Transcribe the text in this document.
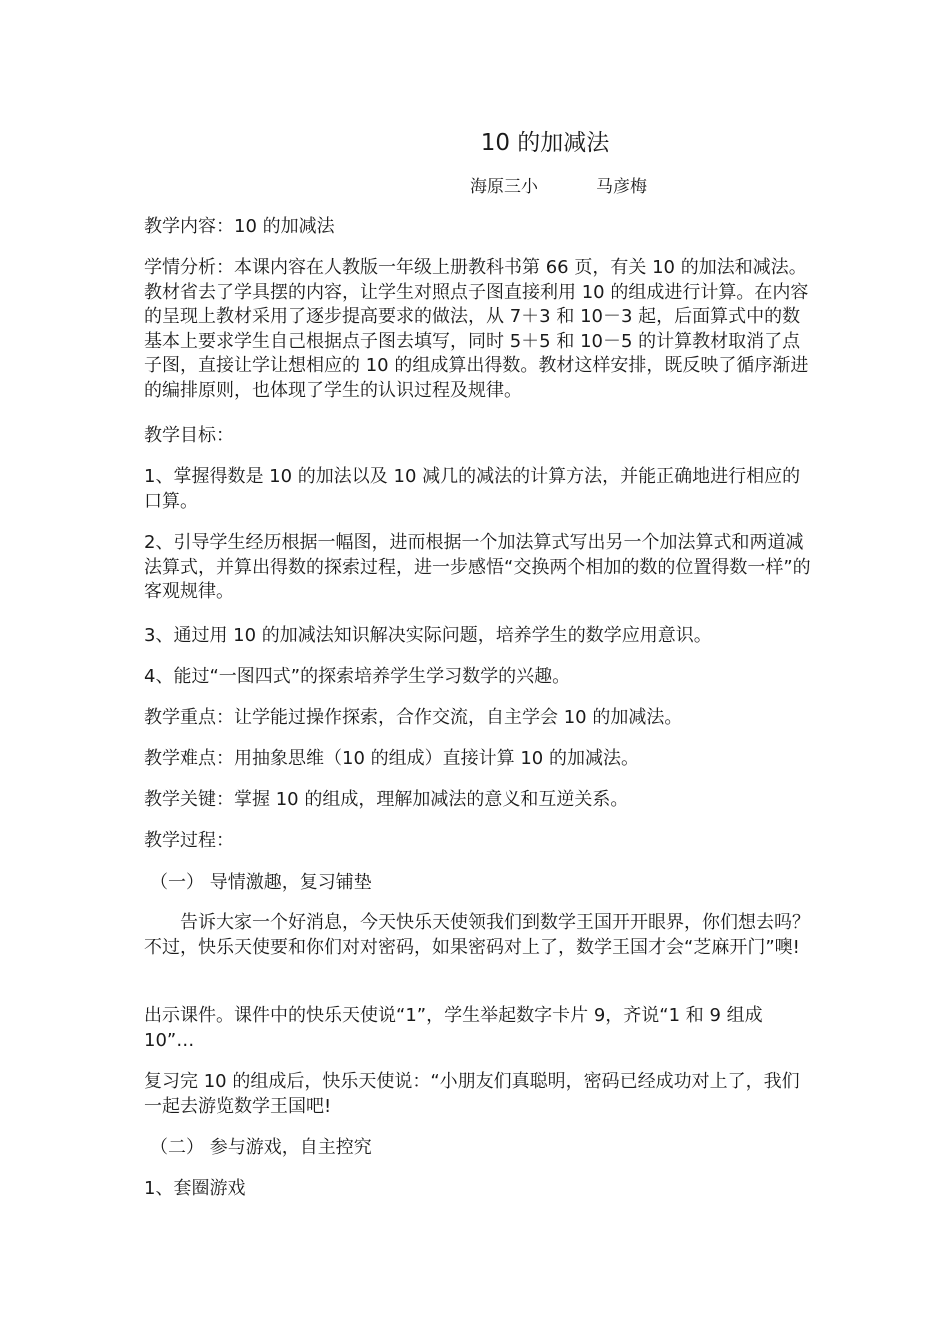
10 的加减法
海原三小	马彦梅

教学内容：10 的加减法

学情分析：本课内容在人教版一年级上册教科书第 66 页，有关 10 的加法和减法。教材省去了学具摆的内容，让学生对照点子图直接利用 10 的组成进行计算。在内容的呈现上教材采用了逐步提高要求的做法，从 7＋3 和 10－3 起，后面算式中的数基本上要求学生自己根据点子图去填写，同时 5＋5 和 10－5 的计算教材取消了点子图，直接让学让想相应的 10 的组成算出得数。教材这样安排，既反映了循序渐进的编排原则，也体现了学生的认识过程及规律。

教学目标：

1、掌握得数是 10 的加法以及 10 减几的减法的计算方法，并能正确地进行相应的口算。

2、引导学生经历根据一幅图，进而根据一个加法算式写出另一个加法算式和两道减法算式，并算出得数的探索过程，进一步感悟“交换两个相加的数的位置得数一样”的客观规律。

3、通过用 10 的加减法知识解决实际问题，培养学生的数学应用意识。

4、能过“一图四式”的探索培养学生学习数学的兴趣。

教学重点：让学能过操作探索，合作交流，自主学会 10 的加减法。

教学难点：用抽象思维（10 的组成）直接计算 10 的加减法。

教学关键：掌握 10 的组成，理解加减法的意义和互逆关系。

教学过程：

（一） 导情激趣，复习铺垫

告诉大家一个好消息，今天快乐天使领我们到数学王国开开眼界，你们想去吗？不过，快乐天使要和你们对对密码，如果密码对上了，数学王国才会“芝麻开门”噢!

出示课件。课件中的快乐天使说“1”，学生举起数字卡片 9，齐说“1 和 9 组成 10”…

复习完 10 的组成后，快乐天使说：“小朋友们真聪明，密码已经成功对上了，我们一起去游览数学王国吧!

（二） 参与游戏，自主控究

1、套圈游戏
